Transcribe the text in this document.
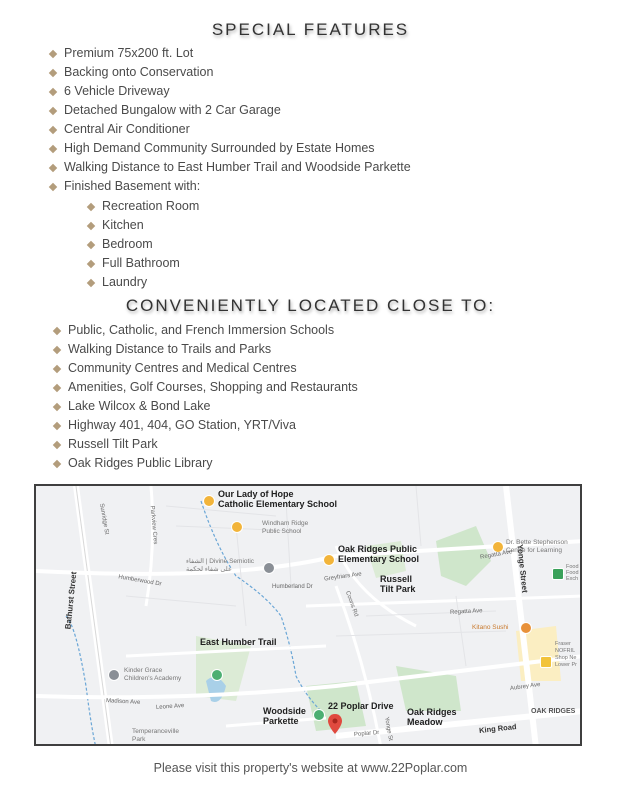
SPECIAL FEATURES
Premium 75x200 ft. Lot
Backing onto Conservation
6 Vehicle Driveway
Detached Bungalow with 2 Car Garage
Central Air Conditioner
High Demand Community Surrounded by Estate Homes
Walking Distance to East Humber Trail and Woodside Parkette
Finished Basement with:
Recreation Room
Kitchen
Bedroom
Full Bathroom
Laundry
CONVENIENTLY LOCATED CLOSE TO:
Public, Catholic, and French Immersion Schools
Walking Distance to Trails and Parks
Community Centres and Medical Centres
Amenities, Golf Courses, Shopping and Restaurants
Lake Wilcox & Bond Lake
Highway 401, 404, GO Station, YRT/Viva
Russell Tilt Park
Oak Ridges Public Library
Our Lady of Hope
Catholic Elementary School
Windham Ridge
Public School
الشفاء | Divine Semiotic
على شفاء لحكمة
Oak Ridges Public
Elementary School
Russell
Tilt Park
Dr. Bette Stephenson
Centre for Learning
Food
Food
Exch
Kitano Sushi
Fraser
NOFRIL
Shop Ne
Lower Pr
East Humber Trail
Kinder Grace
Children's Academy
Woodside
Parkette
22 Poplar Drive
Oak Ridges
Meadow
OAK RIDGES
Temperanceville
Park
Bathurst Street
Yonge Street
King Road
Humberland Dr
Humberwood Dr
Regatta Ave
Regatta Ave
Coons Rd
Aubrey Ave
Madison Ave
Leone Ave
Poplar Dr
Greyfriars Ave
Parkview Cres
Sunridge St
Yonge St
Please visit this property's website at www.22Poplar.com
